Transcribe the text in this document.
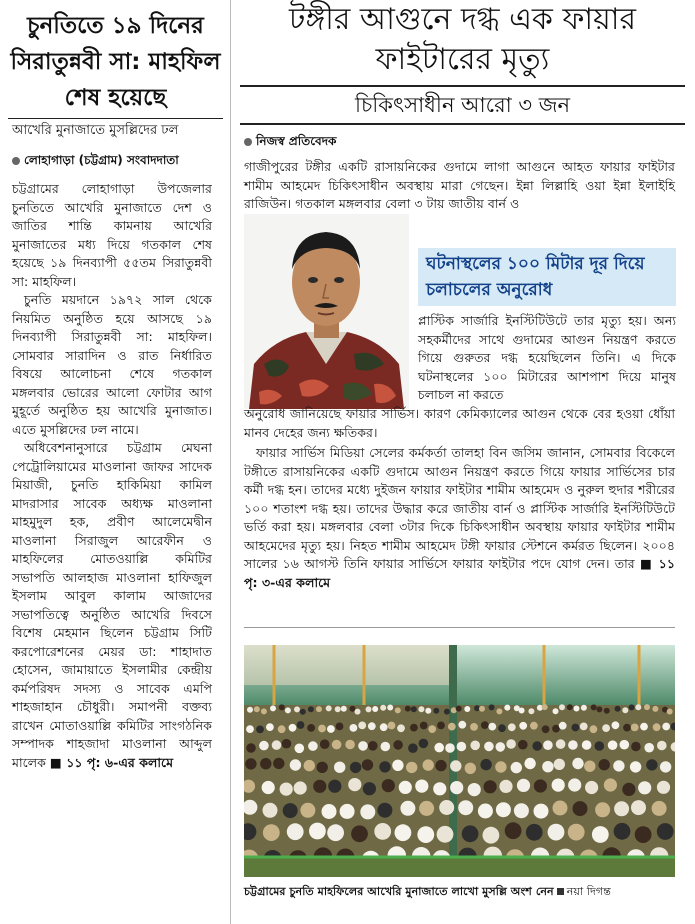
চুনতিতে ১৯ দিনের সিরাতুন্নবী সা: মাহফিল শেষ হয়েছে
আখেরি মুনাজাতে মুসল্লিদের ঢল
লোহাগাড়া (চট্টগ্রাম) সংবাদদাতা

চট্টগ্রামের লোহাগাড়া উপজেলার চুনতিতে আখেরি মুনাজাতে দেশ ও জাতির শান্তি কামনায় আখেরি মুনাজাতের মধ্য দিয়ে গতকাল শেষ হয়েছে ১৯ দিনব্যাপী ৫৫তম সিরাতুন্নবী সা: মাহফিল।

চুনতি ময়দানে ১৯৭২ সাল থেকে নিয়মিত অনুষ্ঠিত হয়ে আসছে ১৯ দিনব্যাপী সিরাতুন্নবী সা: মাহফিল। সোমবার সারাদিন ও রাত নির্ধারিত বিষয়ে আলোচনা শেষে গতকাল মঙ্গলবার ভোরের আলো ফোটার আগ মুহূর্তে অনুষ্ঠিত হয় আখেরি মুনাজাত। এতে মুসল্লিদের ঢল নামে।

অধিবেশনানুসারে চট্টগ্রাম মেঘনা পেট্রোলিয়ামের মাওলানা জাফর সাদেক মিয়াজী, চুনতি হাকিমিয়া কামিল মাদরাসার সাবেক অধ্যক্ষ মাওলানা মাহমুদুল হক, প্রবীণ আলেমেদ্বীন মাওলানা সিরাজুল আরেফীন ও মাহফিলের মোতওয়াল্লি কমিটির সভাপতি আলহাজ মাওলানা হাফিজুল ইসলাম আবুল কালাম আজাদের সভাপতিত্বে অনুষ্ঠিত আখেরি দিবসে বিশেষ মেহমান ছিলেন চট্টগ্রাম সিটি করপোরেশনের মেয়র ডা: শাহাদাত হোসেন, জামায়াতে ইসলামীর কেন্দ্রীয় কর্মপরিষদ সদস্য ও সাবেক এমপি শাহজাহান চৌধুরী। সমাপনী বক্তব্য রাখেন মোতাওয়াল্লি কমিটির সাংগঠনিক সম্পাদক শাহজাদা মাওলানা আব্দুল মালেক ■ ১১ পৃ: ৬-এর কলামে

টঙ্গীর আগুনে দগ্ধ এক ফায়ার ফাইটারের মৃত্যু
চিকিৎসাধীন আরো ৩ জন
নিজস্ব প্রতিবেদক
গাজীপুরের টঙ্গীর একটি রাসায়নিকের গুদামে লাগা আগুনে আহত ফায়ার ফাইটার শামীম আহমেদ চিকিৎসাধীন অবস্থায় মারা গেছেন। ইন্না লিল্লাহি ওয়া ইন্না ইলাইহি রাজিউন। গতকাল মঙ্গলবার বেলা ৩ টায় জাতীয় বার্ন ও
ঘটনাস্থলের ১০০ মিটার দূর দিয়ে চলাচলের অনুরোধ
প্লাস্টিক সার্জারি ইনস্টিটিউটে তার মৃত্যু হয়। অন্য সহকর্মীদের সাথে গুদামের আগুন নিয়ন্ত্রণ করতে গিয়ে গুরুতর দগ্ধ হয়েছিলেন তিনি। এ দিকে ঘটনাস্থলের ১০০ মিটারের আশপাশ দিয়ে মানুষ চলাচল না করতে

অনুরোধ জানিয়েছে ফায়ার সার্ভিস। কারণ কেমিক্যালের আগুন থেকে বের হওয়া ধোঁয়া মানব দেহের জন্য ক্ষতিকর।

ফায়ার সার্ভিস মিডিয়া সেলের কর্মকর্তা তালহা বিন জসিম জানান, সোমবার বিকেলে টঙ্গীতে রাসায়নিকের একটি গুদামে আগুন নিয়ন্ত্রণ করতে গিয়ে ফায়ার সার্ভিসের চার কর্মী দগ্ধ হন। তাদের মধ্যে দুইজন ফায়ার ফাইটার শামীম আহমেদ ও নুরুল হুদার শরীরের ১০০ শতাংশ দগ্ধ হয়। তাদের উদ্ধার করে জাতীয় বার্ন ও প্লাস্টিক সার্জারি ইনস্টিটিউটে ভর্তি করা হয়। মঙ্গলবার বেলা ৩টার দিকে চিকিৎসাধীন অবস্থায় ফায়ার ফাইটার শামীম আহমেদের মৃত্যু হয়। নিহত শামীম আহমেদ টঙ্গী ফায়ার স্টেশনে কর্মরত ছিলেন। ২০০৪ সালের ১৬ আগস্ট তিনি ফায়ার সার্ভিসে ফায়ার ফাইটার পদে যোগ দেন। তার ■ ১১ পৃ: ৩-এর কলামে

চট্টগ্রামের চুনতি মাহফিলের আখেরি মুনাজাতে লাখো মুসল্লি অংশ নেন নয়া দিগন্ত
